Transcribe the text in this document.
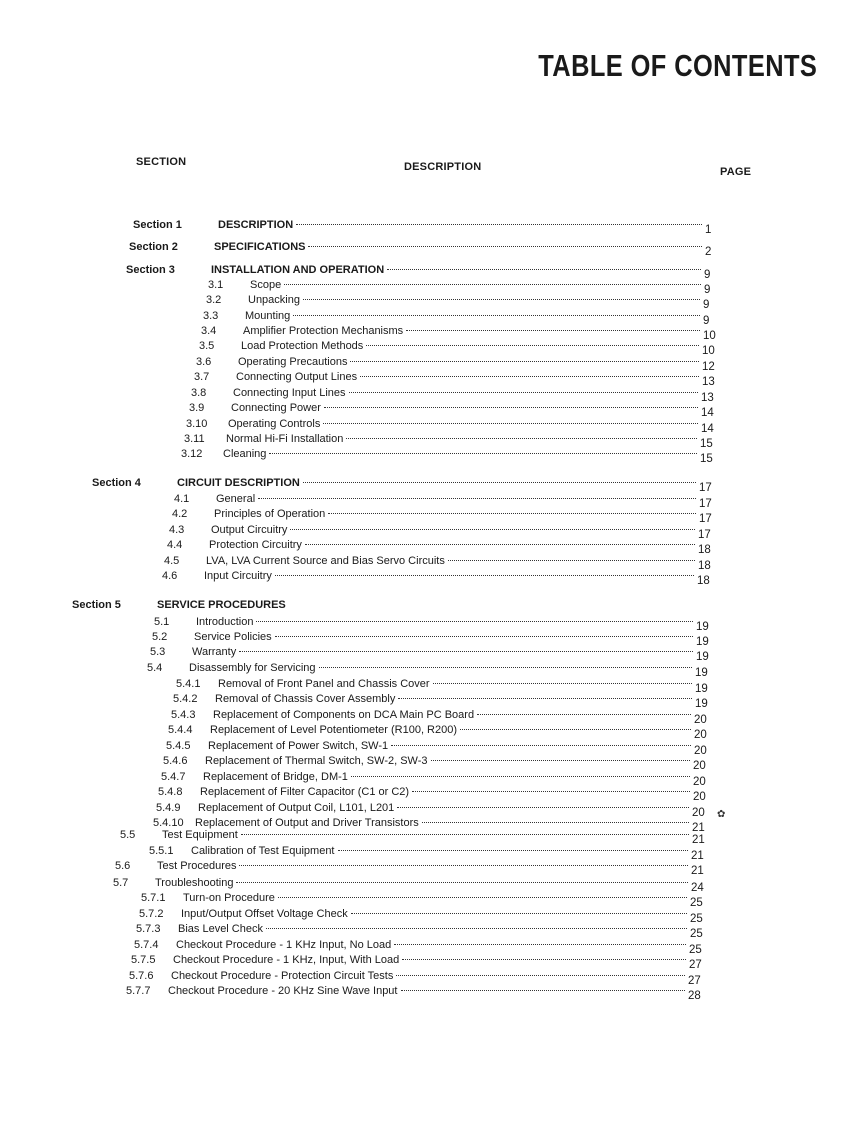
TABLE OF CONTENTS
SECTION	DESCRIPTION	PAGE
Section 1	DESCRIPTION	1
Section 2	SPECIFICATIONS	2
Section 3	INSTALLATION AND OPERATION	9
3.1	Scope	9
3.2	Unpacking	9
3.3	Mounting	9
3.4	Amplifier Protection Mechanisms	10
3.5	Load Protection Methods	10
3.6	Operating Precautions	12
3.7	Connecting Output Lines	13
3.8	Connecting Input Lines	13
3.9	Connecting Power	14
3.10	Operating Controls	14
3.11	Normal Hi-Fi Installation	15
3.12	Cleaning	15
Section 4	CIRCUIT DESCRIPTION	17
4.1	General	17
4.2	Principles of Operation	17
4.3	Output Circuitry	17
4.4	Protection Circuitry	18
4.5	LVA, LVA Current Source and Bias Servo Circuits	18
4.6	Input Circuitry	18
Section 5	SERVICE PROCEDURES
5.1	Introduction	19
5.2	Service Policies	19
5.3	Warranty	19
5.4	Disassembly for Servicing	19
5.4.1	Removal of Front Panel and Chassis Cover	19
5.4.2	Removal of Chassis Cover Assembly	19
5.4.3	Replacement of Components on DCA Main PC Board	20
5.4.4	Replacement of Level Potentiometer (R100, R200)	20
5.4.5	Replacement of Power Switch, SW-1	20
5.4.6	Replacement of Thermal Switch, SW-2, SW-3	20
5.4.7	Replacement of Bridge, DM-1	20
5.4.8	Replacement of Filter Capacitor (C1 or C2)	20
5.4.9	Replacement of Output Coil, L101, L201	20
5.4.10	Replacement of Output and Driver Transistors	21
5.5	Test Equipment	21
5.5.1	Calibration of Test Equipment	21
5.6	Test Procedures	21
5.7	Troubleshooting	24
5.7.1	Turn-on Procedure	25
5.7.2	Input/Output Offset Voltage Check	25
5.7.3	Bias Level Check	25
5.7.4	Checkout Procedure - 1 KHz Input, No Load	25
5.7.5	Checkout Procedure - 1 KHz, Input, With Load	27
5.7.6	Checkout Procedure - Protection Circuit Tests	27
5.7.7	Checkout Procedure - 20 KHz Sine Wave Input	28
✿
